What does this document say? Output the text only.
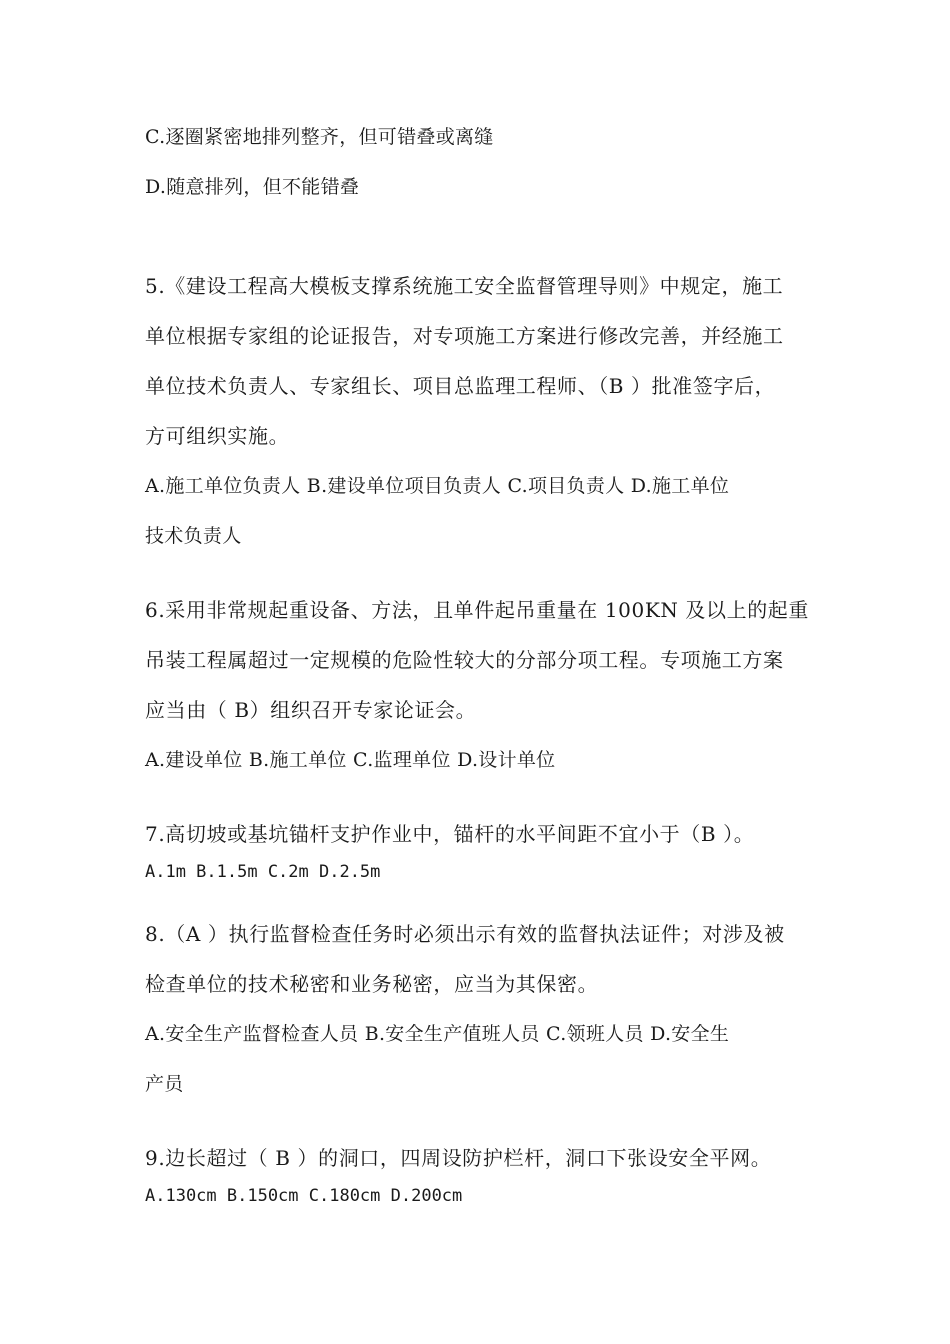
C.逐圈紧密地排列整齐，但可错叠或离缝
D.随意排列，但不能错叠
5.《建设工程高大模板支撑系统施工安全监督管理导则》中规定，施工
单位根据专家组的论证报告，对专项施工方案进行修改完善，并经施工
单位技术负责人、专家组长、项目总监理工程师、（B ）批准签字后，
方可组织实施。
A.施工单位负责人 B.建设单位项目负责人 C.项目负责人 D.施工单位
技术负责人
6.采用非常规起重设备、方法，且单件起吊重量在 100KN 及以上的起重
吊装工程属超过一定规模的危险性较大的分部分项工程。专项施工方案
应当由（ B）组织召开专家论证会。
A.建设单位 B.施工单位 C.监理单位 D.设计单位
7.高切坡或基坑锚杆支护作业中，锚杆的水平间距不宜小于（B ）。
A.1m B.1.5m C.2m D.2.5m
8.（A ）执行监督检查任务时必须出示有效的监督执法证件；对涉及被
检查单位的技术秘密和业务秘密，应当为其保密。
A.安全生产监督检查人员 B.安全生产值班人员 C.领班人员 D.安全生
产员
9.边长超过（ B ）的洞口，四周设防护栏杆，洞口下张设安全平网。
A.130cm B.150cm C.180cm D.200cm
